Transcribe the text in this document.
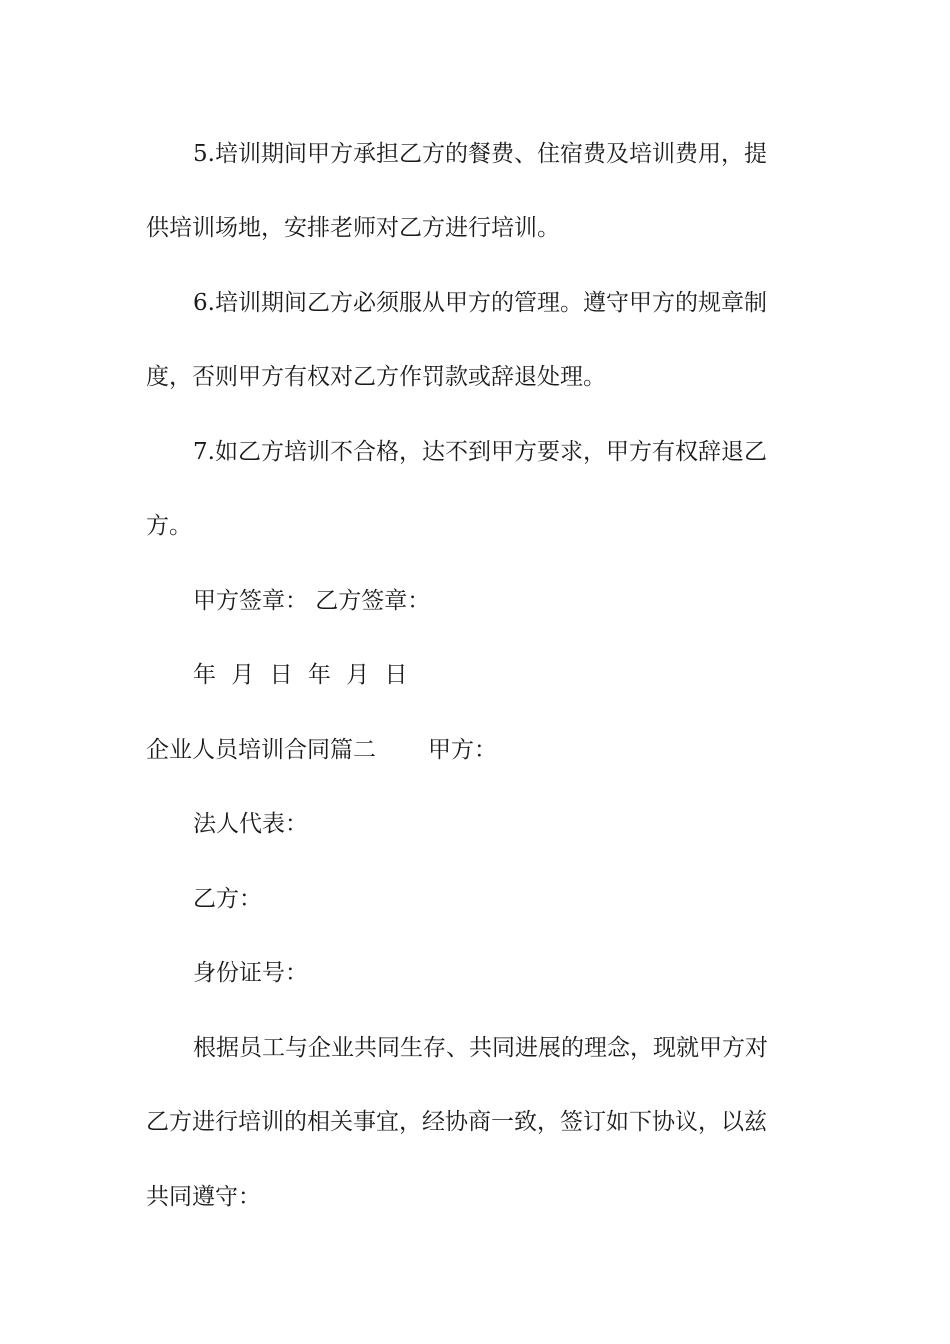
5.培训期间甲方承担乙方的餐费、住宿费及培训费用，提
供培训场地，安排老师对乙方进行培训。
6.培训期间乙方必须服从甲方的管理。遵守甲方的规章制
度，否则甲方有权对乙方作罚款或辞退处理。
7.如乙方培训不合格，达不到甲方要求，甲方有权辞退乙
方。
甲方签章： 乙方签章：
年 月 日 年 月 日
企业人员培训合同篇二 甲方：
法人代表：
乙方：
身份证号：
根据员工与企业共同生存、共同进展的理念，现就甲方对
乙方进行培训的相关事宜，经协商一致，签订如下协议，以兹
共同遵守：
